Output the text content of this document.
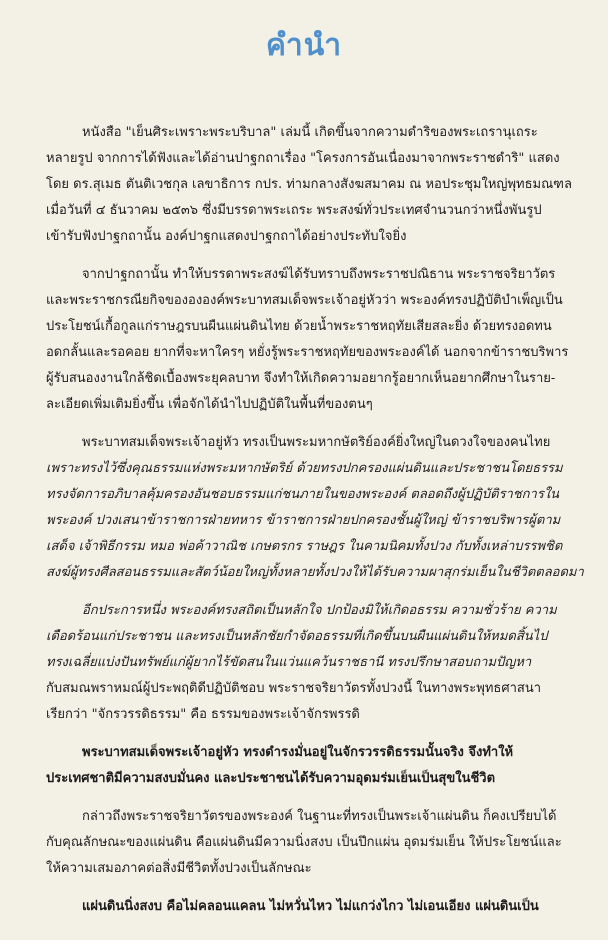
คำนำ
หนังสือ "เย็นศิระเพราะพระบริบาล" เล่มนี้ เกิดขึ้นจากความดำริของพระเถรานุเถระ
หลายรูป จากการได้ฟังและได้อ่านปาฐกถาเรื่อง "โครงการอันเนื่องมาจากพระราชดำริ" แสดง
โดย ดร.สุเมธ ตันติเวชกุล เลขาธิการ กปร. ท่ามกลางสังฆสมาคม ณ หอประชุมใหญ่พุทธมณฑล
เมื่อวันที่ ๔ ธันวาคม ๒๕๓๖ ซึ่งมีบรรดาพระเถระ พระสงฆ์ทั่วประเทศจำนวนกว่าหนึ่งพันรูป
เข้ารับฟังปาฐกถานั้น องค์ปาฐกแสดงปาฐกถาได้อย่างประทับใจยิ่ง
จากปาฐกถานั้น ทำให้บรรดาพระสงฆ์ได้รับทราบถึงพระราชปณิธาน พระราชจริยาวัตร
และพระราชกรณียกิจของององค์พระบาทสมเด็จพระเจ้าอยู่หัวว่า พระองค์ทรงปฏิบัติบำเพ็ญเป็น
ประโยชน์เกื้อกูลแก่ราษฎรบนผืนแผ่นดินไทย ด้วยน้ำพระราชหฤทัยเสียสละยิ่ง ด้วยทรงอดทน
อดกลั้นและรอคอย ยากที่จะหาใครๆ หยั่งรู้พระราชหฤทัยของพระองค์ได้ นอกจากข้าราชบริพาร
ผู้รับสนองงานใกล้ชิดเบื้องพระยุคลบาท จึงทำให้เกิดความอยากรู้อยากเห็นอยากศึกษาในราย-
ละเอียดเพิ่มเติมยิ่งขึ้น เพื่อจักได้นำไปปฏิบัติในพื้นที่ของตนๆ
พระบาทสมเด็จพระเจ้าอยู่หัว ทรงเป็นพระมหากษัตริย์องค์ยิ่งใหญ่ในดวงใจของคนไทย
เพราะทรงไว้ซึ่งคุณธรรมแห่งพระมหากษัตริย์ ด้วยทรงปกครองแผ่นดินและประชาชนโดยธรรม
ทรงจัดการอภิบาลคุ้มครองอันชอบธรรมแก่ชนภายในของพระองค์ ตลอดถึงผู้ปฏิบัติราชการใน
พระองค์ ปวงเสนาข้าราชการฝ่ายทหาร ข้าราชการฝ่ายปกครองชั้นผู้ใหญ่ ข้าราชบริพารผู้ตาม
เสด็จ เจ้าพิธีกรรม หมอ พ่อค้าวาณิช เกษตรกร ราษฎร ในคามนิคมทั้งปวง กับทั้งเหล่าบรรพชิต
สงฆ์ผู้ทรงศีลสอนธรรมและสัตว์น้อยใหญ่ทั้งหลายทั้งปวงให้ได้รับความผาสุกร่มเย็นในชีวิตตลอดมา
อีกประการหนึ่ง พระองค์ทรงสถิตเป็นหลักใจ ปกป้องมิให้เกิดอธรรม ความชั่วร้าย ความ
เดือดร้อนแก่ประชาชน และทรงเป็นหลักชัยกำจัดอธรรมที่เกิดขึ้นบนผืนแผ่นดินให้หมดสิ้นไป
ทรงเฉลี่ยแบ่งปันทรัพย์แก่ผู้ยากไร้ขัดสนในแว่นแคว้นราชธานี ทรงปรึกษาสอบถามปัญหา
กับสมณพราหมณ์ผู้ประพฤติดีปฏิบัติชอบ พระราชจริยาวัตรทั้งปวงนี้ ในทางพระพุทธศาสนา
เรียกว่า "จักรวรรดิธรรม" คือ ธรรมของพระเจ้าจักรพรรดิ
พระบาทสมเด็จพระเจ้าอยู่หัว ทรงดำรงมั่นอยู่ในจักรวรรดิธรรมนั้นจริง จึงทำให้
ประเทศชาติมีความสงบมั่นคง และประชาชนได้รับความอุดมร่มเย็นเป็นสุขในชีวิต
กล่าวถึงพระราชจริยาวัตรของพระองค์ ในฐานะที่ทรงเป็นพระเจ้าแผ่นดิน ก็คงเปรียบได้
กับคุณลักษณะของแผ่นดิน คือแผ่นดินมีความนิ่งสงบ เป็นปึกแผ่น อุดมร่มเย็น ให้ประโยชน์และ
ให้ความเสมอภาคต่อสิ่งมีชีวิตทั้งปวงเป็นลักษณะ
แผ่นดินนิ่งสงบ คือไม่คลอนแคลน ไม่หวั่นไหว ไม่แกว่งไกว ไม่เอนเอียง แผ่นดินเป็น
